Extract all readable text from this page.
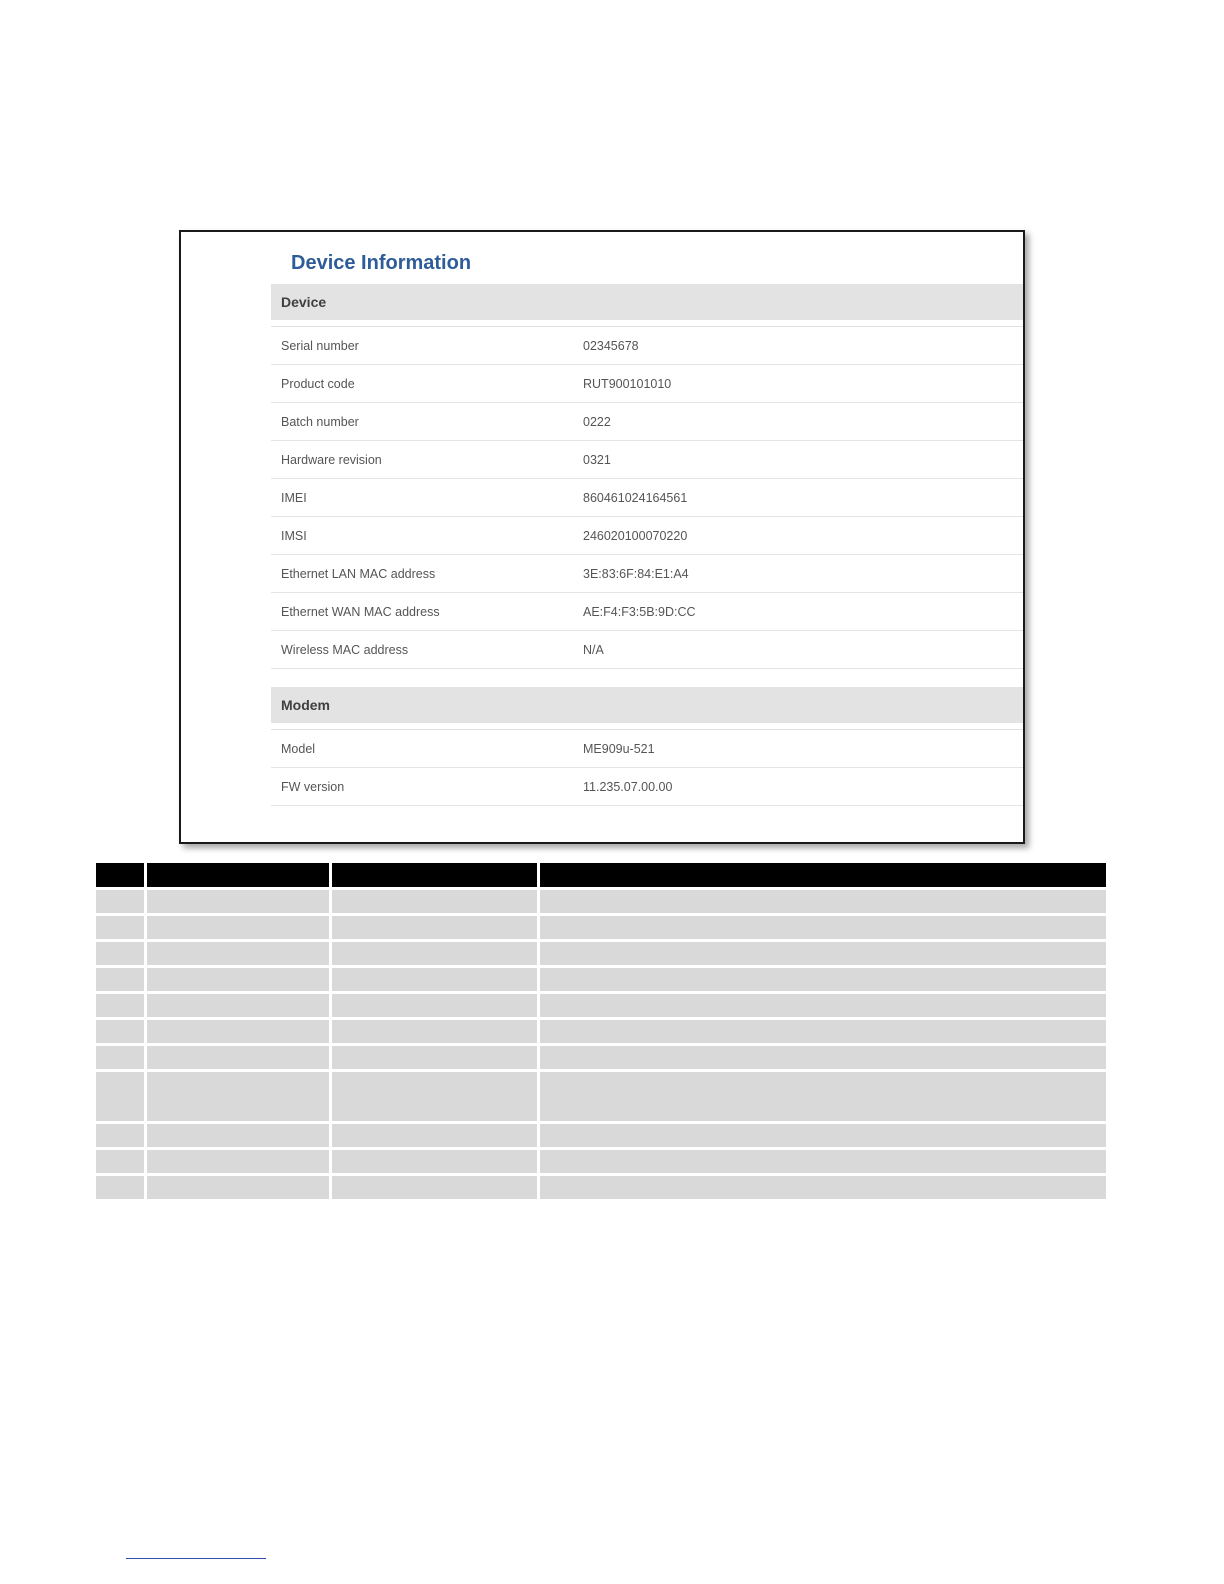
Device Information
Device
Serial number	02345678
Product code	RUT900101010
Batch number	0222
Hardware revision	0321
IMEI	860461024164561
IMSI	246020100070220
Ethernet LAN MAC address	3E:83:6F:84:E1:A4
Ethernet WAN MAC address	AE:F4:F3:5B:9D:CC
Wireless MAC address	N/A
Modem
Model	ME909u-521
FW version	11.235.07.00.00
